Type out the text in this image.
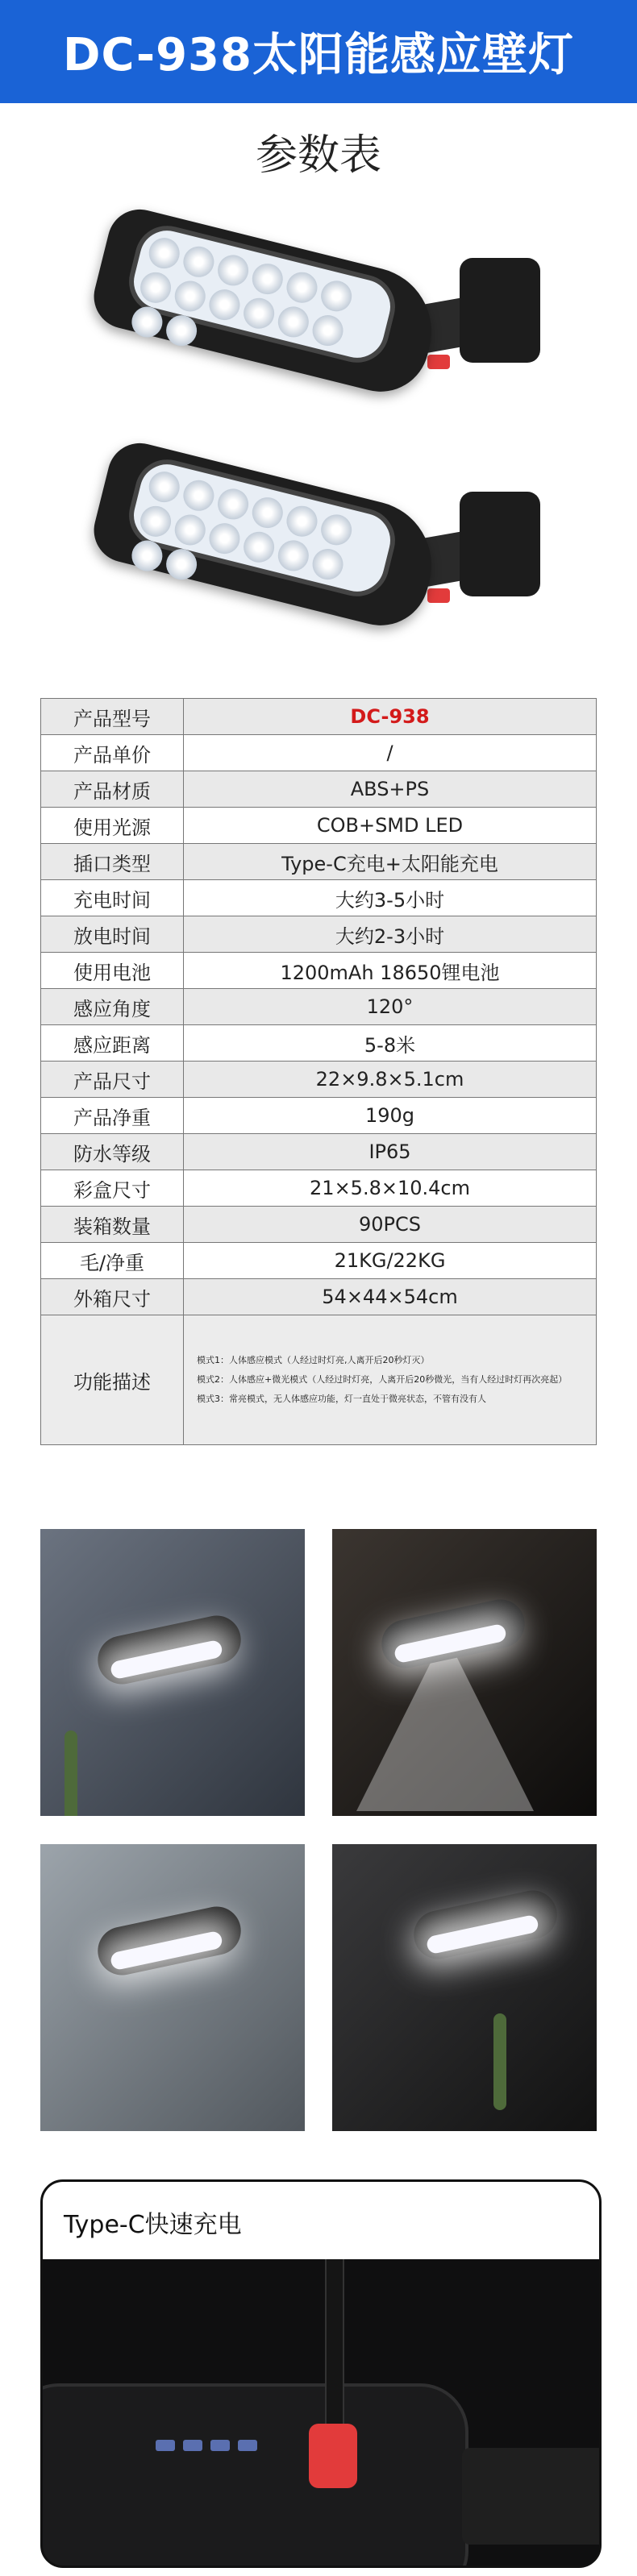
DC-938太阳能感应壁灯
参数表
产品型号	DC-938
产品单价	/
产品材质	ABS+PS
使用光源	COB+SMD LED
插口类型	Type-C充电+太阳能充电
充电时间	大约3-5小时
放电时间	大约2-3小时
使用电池	1200mAh 18650锂电池
感应角度	120°
感应距离	5-8米
产品尺寸	22×9.8×5.1cm
产品净重	190g
防水等级	IP65
彩盒尺寸	21×5.8×10.4cm
装箱数量	90PCS
毛/净重	21KG/22KG
外箱尺寸	54×44×54cm
功能描述	模式1：人体感应模式（人经过时灯亮,人离开后20秒灯灭）
模式2：人体感应+微光模式（人经过时灯亮，人离开后20秒微光，当有人经过时灯再次亮起）
模式3：常亮模式，无人体感应功能，灯一直处于微亮状态，不管有没有人
Type-C快速充电
